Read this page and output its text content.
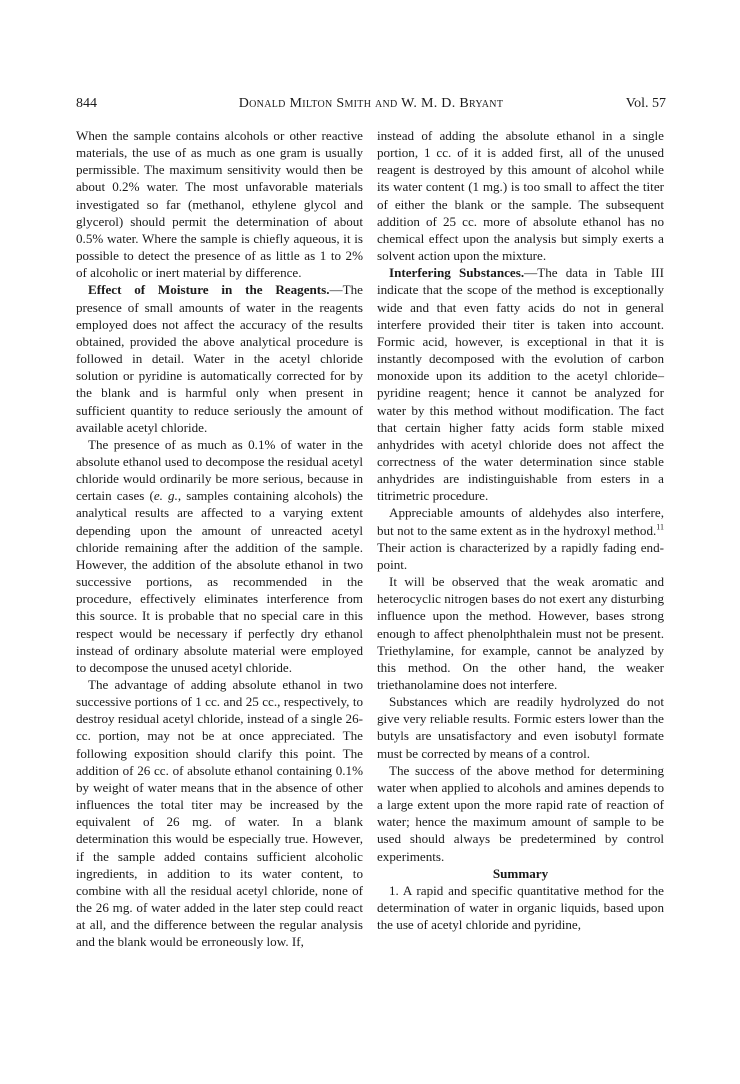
844	Donald Milton Smith and W. M. D. Bryant	Vol. 57

When the sample contains alcohols or other reactive materials, the use of as much as one gram is usually permissible. The maximum sensitivity would then be about 0.2% water. The most unfavorable materials investigated so far (methanol, ethylene glycol and glycerol) should permit the determination of about 0.5% water. Where the sample is chiefly aqueous, it is possible to detect the presence of as little as 1 to 2% of alcoholic or inert material by difference.

Effect of Moisture in the Reagents.—The presence of small amounts of water in the reagents employed does not affect the accuracy of the results obtained, provided the above analytical procedure is followed in detail. Water in the acetyl chloride solution or pyridine is automatically corrected for by the blank and is harmful only when present in sufficient quantity to reduce seriously the amount of available acetyl chloride.

The presence of as much as 0.1% of water in the absolute ethanol used to decompose the residual acetyl chloride would ordinarily be more serious, because in certain cases (e. g., samples containing alcohols) the analytical results are affected to a varying extent depending upon the amount of unreacted acetyl chloride remaining after the addition of the sample. However, the addition of the absolute ethanol in two successive portions, as recommended in the procedure, effectively eliminates interference from this source. It is probable that no special care in this respect would be necessary if perfectly dry ethanol instead of ordinary absolute material were employed to decompose the unused acetyl chloride.

The advantage of adding absolute ethanol in two successive portions of 1 cc. and 25 cc., respectively, to destroy residual acetyl chloride, instead of a single 26-cc. portion, may not be at once appreciated. The following exposition should clarify this point. The addition of 26 cc. of absolute ethanol containing 0.1% by weight of water means that in the absence of other influences the total titer may be increased by the equivalent of 26 mg. of water. In a blank determination this would be especially true. However, if the sample added contains sufficient alcoholic ingredients, in addition to its water content, to combine with all the residual acetyl chloride, none of the 26 mg. of water added in the later step could react at all, and the difference between the regular analysis and the blank would be erroneously low. If,

instead of adding the absolute ethanol in a single portion, 1 cc. of it is added first, all of the unused reagent is destroyed by this amount of alcohol while its water content (1 mg.) is too small to affect the titer of either the blank or the sample. The subsequent addition of 25 cc. more of absolute ethanol has no chemical effect upon the analysis but simply exerts a solvent action upon the mixture.

Interfering Substances.—The data in Table III indicate that the scope of the method is exceptionally wide and that even fatty acids do not in general interfere provided their titer is taken into account. Formic acid, however, is exceptional in that it is instantly decomposed with the evolution of carbon monoxide upon its addition to the acetyl chloride–pyridine reagent; hence it cannot be analyzed for water by this method without modification. The fact that certain higher fatty acids form stable mixed anhydrides with acetyl chloride does not affect the correctness of the water determination since stable anhydrides are indistinguishable from esters in a titrimetric procedure.

Appreciable amounts of aldehydes also interfere, but not to the same extent as in the hydroxyl method.$^{11}$ Their action is characterized by a rapidly fading end-point.

It will be observed that the weak aromatic and heterocyclic nitrogen bases do not exert any disturbing influence upon the method. However, bases strong enough to affect phenolphthalein must not be present. Triethylamine, for example, cannot be analyzed by this method. On the other hand, the weaker triethanolamine does not interfere.

Substances which are readily hydrolyzed do not give very reliable results. Formic esters lower than the butyls are unsatisfactory and even isobutyl formate must be corrected by means of a control.

The success of the above method for determining water when applied to alcohols and amines depends to a large extent upon the more rapid rate of reaction of water; hence the maximum amount of sample to be used should always be predetermined by control experiments.

Summary

1. A rapid and specific quantitative method for the determination of water in organic liquids, based upon the use of acetyl chloride and pyridine,
